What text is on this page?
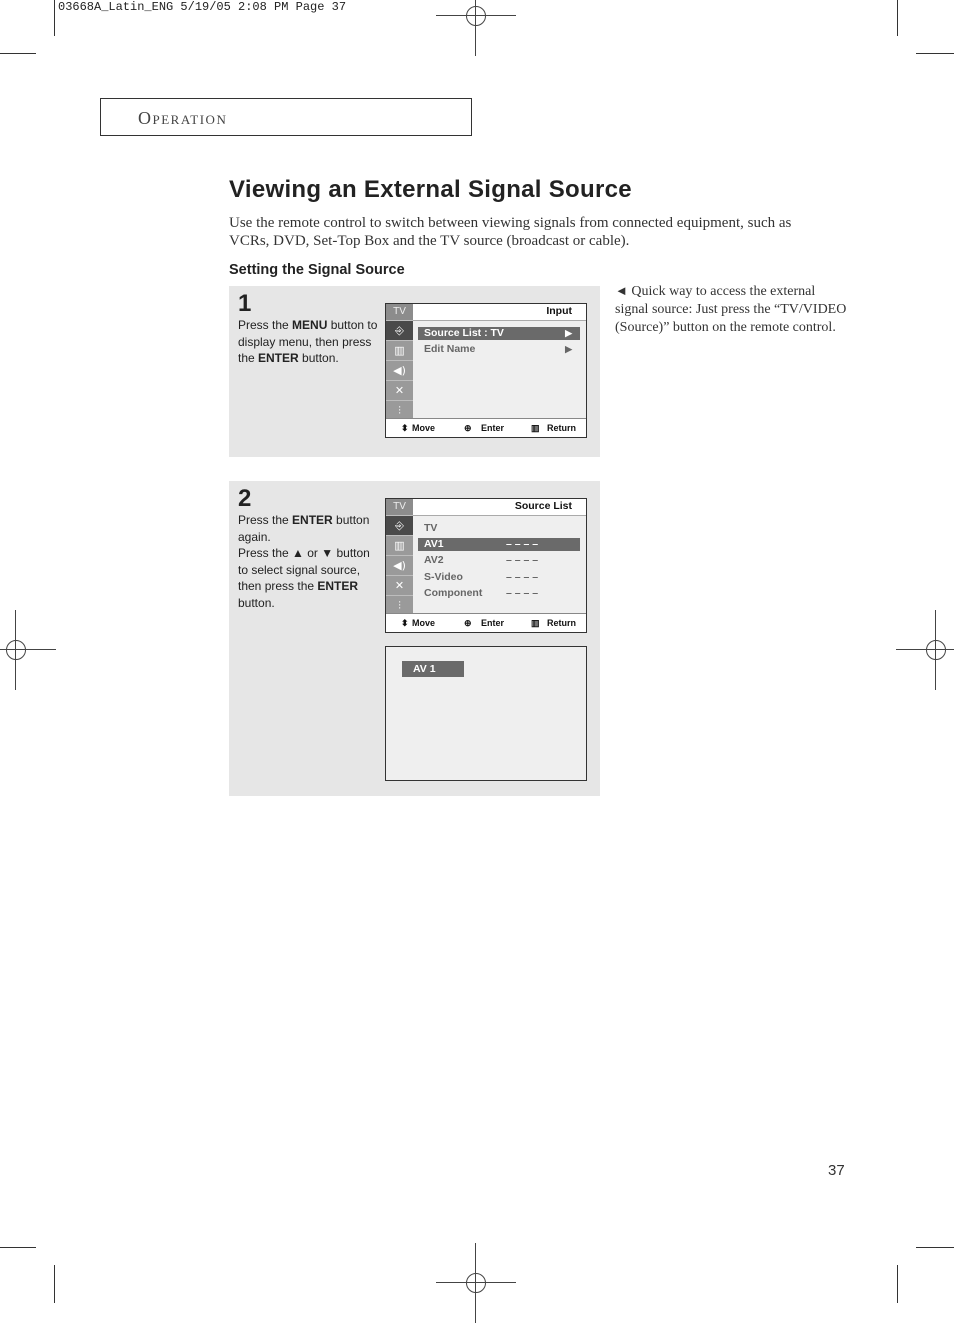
03668A_Latin_ENG 5/19/05 2:08 PM Page 37
OPERATION
Viewing an External Signal Source
Use the remote control to switch between viewing signals from connected equipment, such as VCRs, DVD, Set-Top Box and the TV source (broadcast or cable).
Setting the Signal Source
◄ Quick way to access the external signal source: Just press the “TV/VIDEO (Source)” button on the remote control.
1
Press the MENU button to display menu, then press the ENTER button.
TV
⎆
▥
◀)
✕
⫶
Input
Source List : TV	▶
Edit Name	▶
⬍ Move	⊕ Enter	▥ Return
2
Press the ENTER button again.
Press the ▲ or ▼ button to select signal source, then press the ENTER button.
TV
⎆
▥
◀)
✕
⫶
Source List
TV
AV1	– – – –
AV2	– – – –
S-Video	– – – –
Component – – – –
⬍ Move	⊕ Enter	▥ Return
AV 1
37
